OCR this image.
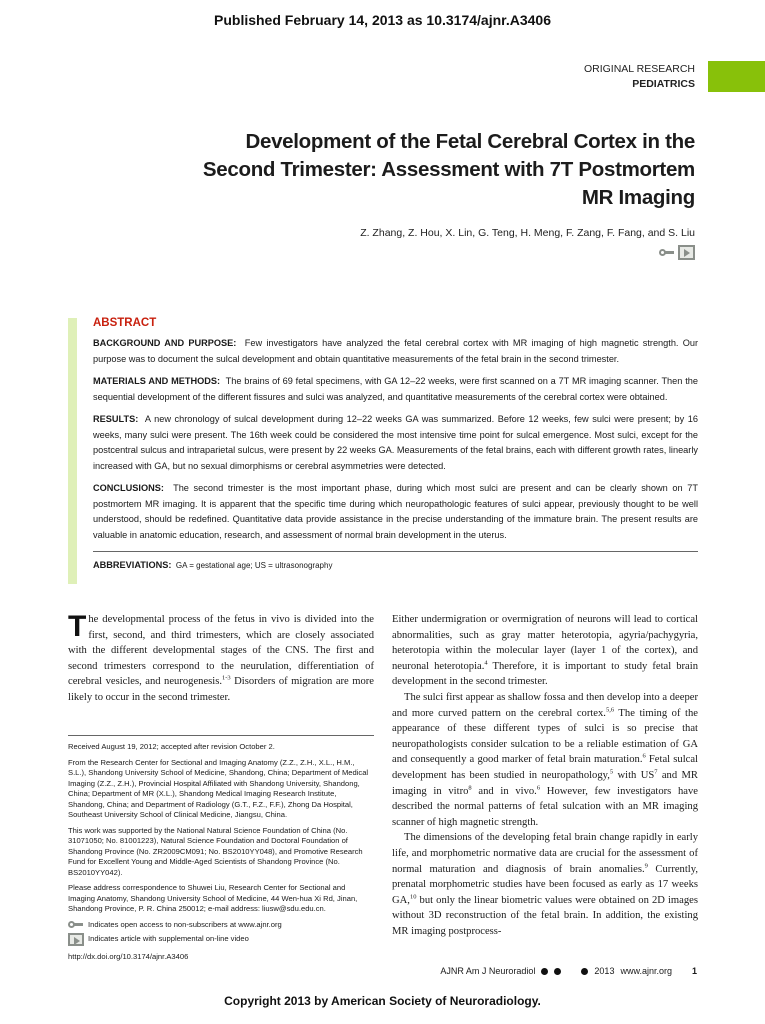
Published February 14, 2013 as 10.3174/ajnr.A3406
ORIGINAL RESEARCH
PEDIATRICS
Development of the Fetal Cerebral Cortex in the Second Trimester: Assessment with 7T Postmortem MR Imaging
Z. Zhang, Z. Hou, X. Lin, G. Teng, H. Meng, F. Zang, F. Fang, and S. Liu
ABSTRACT

BACKGROUND AND PURPOSE: Few investigators have analyzed the fetal cerebral cortex with MR imaging of high magnetic strength. Our purpose was to document the sulcal development and obtain quantitative measurements of the fetal brain in the second trimester.

MATERIALS AND METHODS: The brains of 69 fetal specimens, with GA 12–22 weeks, were first scanned on a 7T MR imaging scanner. Then the sequential development of the different fissures and sulci was analyzed, and quantitative measurements of the cerebral cortex were obtained.

RESULTS: A new chronology of sulcal development during 12–22 weeks GA was summarized. Before 12 weeks, few sulci were present; by 16 weeks, many sulci were present. The 16th week could be considered the most intensive time point for sulcal emergence. Most sulci, except for the postcentral sulcus and intraparietal sulcus, were present by 22 weeks GA. Measurements of the fetal brains, each with different growth rates, linearly increased with GA, but no sexual dimorphisms or cerebral asymmetries were detected.

CONCLUSIONS: The second trimester is the most important phase, during which most sulci are present and can be clearly shown on 7T postmortem MR imaging. It is apparent that the specific time during which neuropathologic features of sulci appear, previously thought to be well understood, should be redefined. Quantitative data provide assistance in the precise understanding of the immature brain. The present results are valuable in anatomic education, research, and assessment of normal brain development in the uterus.

ABBREVIATIONS: GA = gestational age; US = ultrasonography

The developmental process of the fetus in vivo is divided into the first, second, and third trimesters, which are closely associated with the different developmental stages of the CNS. The first and second trimesters correspond to the neurulation, differentiation of cerebral vesicles, and neurogenesis.$^{1-3}$ Disorders of migration are more likely to occur in the second trimester.

Received August 19, 2012; accepted after revision October 2.

From the Research Center for Sectional and Imaging Anatomy (Z.Z., Z.H., X.L., H.M., S.L.), Shandong University School of Medicine, Shandong, China; Department of Medical Imaging (Z.Z., Z.H.), Provincial Hospital Affiliated with Shandong University, Shandong, China; Department of MR (X.L.), Shandong Medical Imaging Research Institute, Shandong, China; and Department of Radiology (G.T., F.Z., F.F.), Zhong Da Hospital, Southeast University School of Clinical Medicine, Jiangsu, China.

This work was supported by the National Natural Science Foundation of China (No. 31071050; No. 81001223), Natural Science Foundation and Doctoral Foundation of Shandong Province (No. ZR2009CM091; No. BS2010YY048), and Promotive Research Fund for Excellent Young and Middle-Aged Scientists of Shandong Province (No. BS2010YY042).

Please address correspondence to Shuwei Liu, Research Center for Sectional and Imaging Anatomy, Shandong University School of Medicine, 44 Wen-hua Xi Rd, Jinan, Shandong Province, P. R. China 250012; e-mail address: liusw@sdu.edu.cn.

Indicates open access to non-subscribers at www.ajnr.org
Indicates article with supplemental on-line video

http://dx.doi.org/10.3174/ajnr.A3406

Either undermigration or overmigration of neurons will lead to cortical abnormalities, such as gray matter heterotopia, agyria/pachygyria, heterotopia within the molecular layer (layer 1 of the cortex), and neuronal heterotopia.$^4$ Therefore, it is important to study fetal brain development in the second trimester.

The sulci first appear as shallow fossa and then develop into a deeper and more curved pattern on the cerebral cortex.$^{5,6}$ The timing of the appearance of these different types of sulci is so precise that neuropathologists consider sulcation to be a reliable estimation of GA and consequently a good marker of fetal brain maturation.$^6$ Fetal sulcal development has been studied in neuropathology,$^5$ with $US^7$ and MR imaging in vitro$^8$ and in vivo.$^6$ However, few investigators have described the normal patterns of fetal sulcation with an MR imaging scanner of high magnetic strength.

The dimensions of the developing fetal brain change rapidly in early life, and morphometric normative data are crucial for the assessment of normal maturation and diagnosis of brain anomalies.$^9$ Currently, prenatal morphometric studies have been focused as early as 17 weeks GA,$^{10}$ but only the linear biometric values were obtained on 2D images without 3D reconstruction of the fetal brain. In addition, the existing MR imaging postprocess-

AJNR Am J Neuroradiol	2013 www.ajnr.org 1
Copyright 2013 by American Society of Neuroradiology.
